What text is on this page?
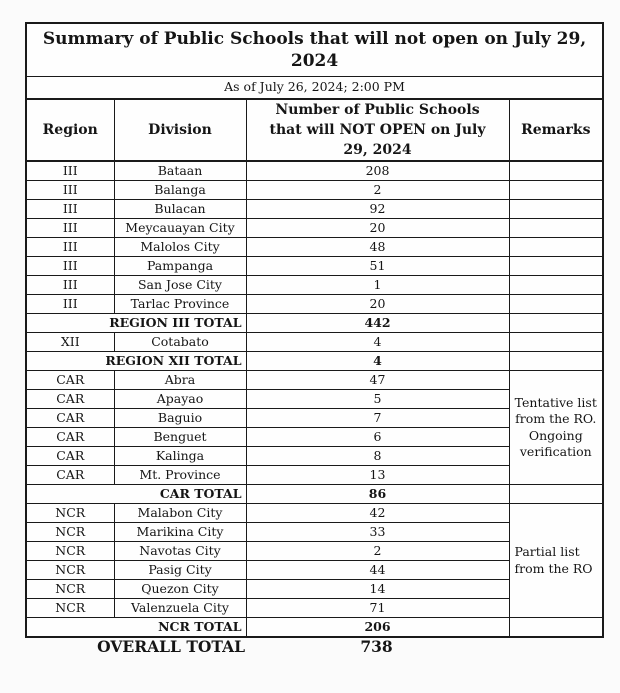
Summary of Public Schools that will not open on July 29,
2024			

As of July 26, 2024; 2:00 PM			
Region	Division	Number of Public Schools
that will NOT OPEN on July
29, 2024	Remarks
III	Bataan	208	
III	Balanga	2	
III	Bulacan	92	
III	Meycauayan City	20	
III	Malolos City	48	
III	Pampanga	51	
III	San Jose City	1	
III	Tarlac Province	20	
REGION III TOTAL		442	
XII	Cotabato	4	
REGION XII TOTAL		4	
CAR	Abra	47	Tentative list from the RO. Ongoing verification
CAR	Apayao	5	
CAR	Baguio	7	
CAR	Benguet	6	
CAR	Kalinga	8	
CAR	Mt. Province	13	
CAR TOTAL		86	
NCR	Malabon City	42	Partial list from the RO
NCR	Marikina City	33	
NCR	Navotas City	2	
NCR	Pasig City	44	
NCR	Quezon City	14	
NCR	Valenzuela City	71	
NCR TOTAL		206	
OVERALL TOTAL	738
